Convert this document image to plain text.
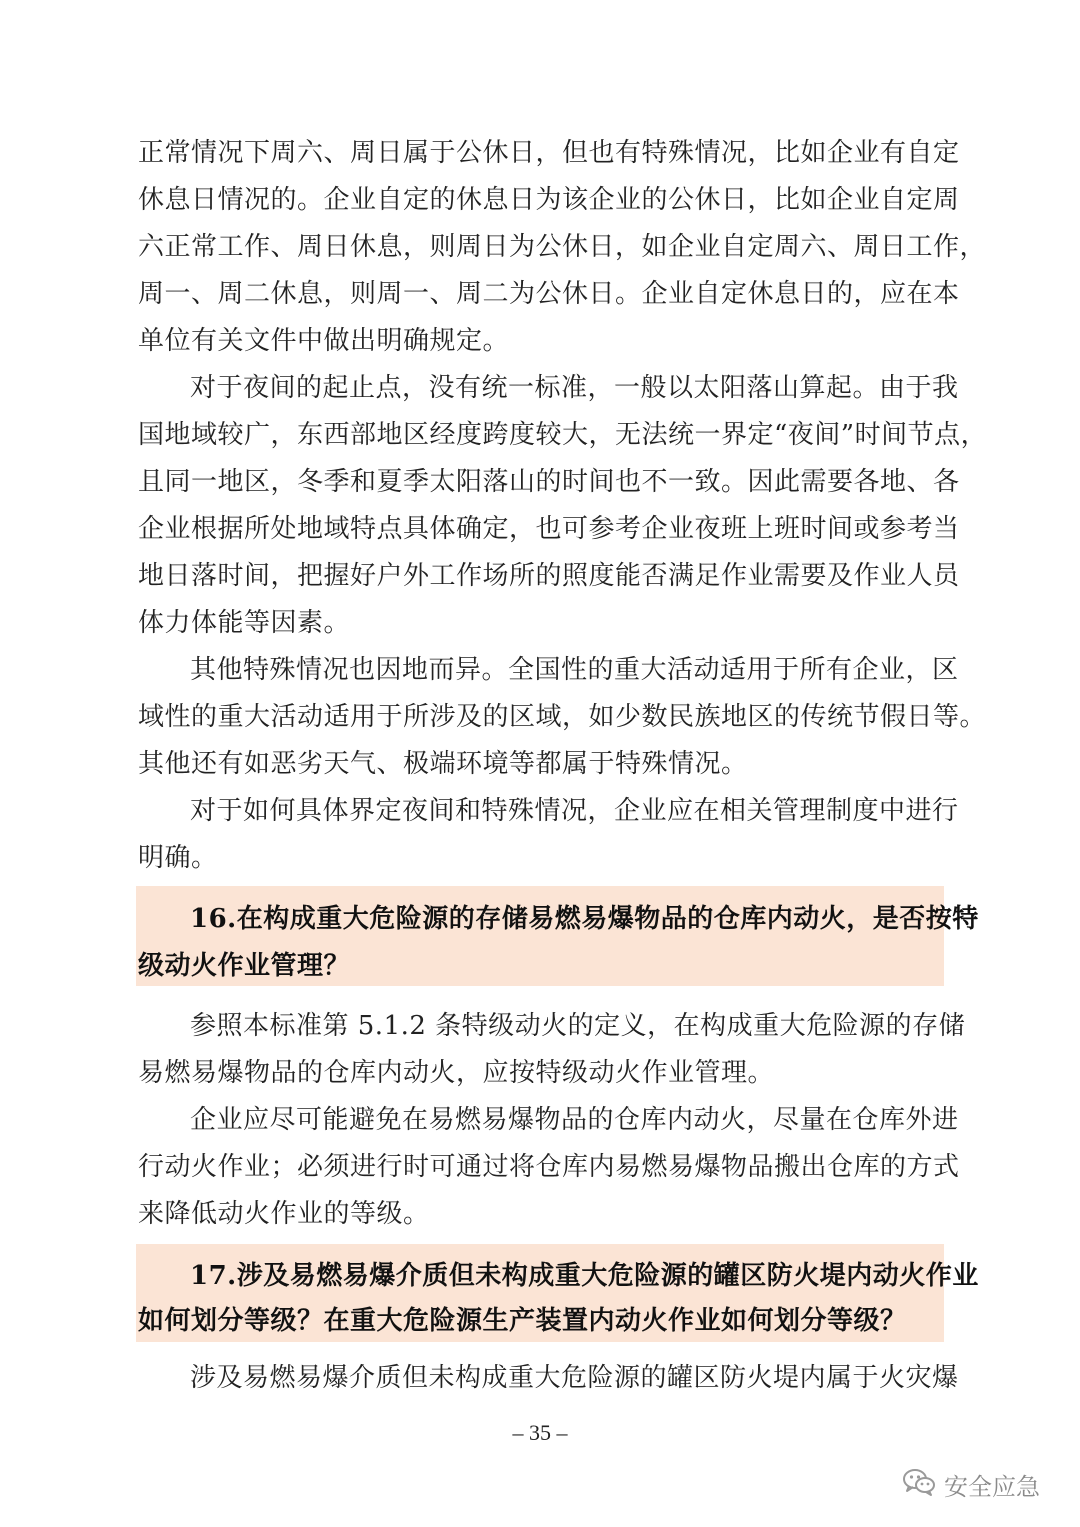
正常情况下周六、周日属于公休日，但也有特殊情况，比如企业有自定
休息日情况的。企业自定的休息日为该企业的公休日，比如企业自定周
六正常工作、周日休息，则周日为公休日，如企业自定周六、周日工作，
周一、周二休息，则周一、周二为公休日。企业自定休息日的，应在本
单位有关文件中做出明确规定。
对于夜间的起止点，没有统一标准，一般以太阳落山算起。由于我
国地域较广，东西部地区经度跨度较大，无法统一界定“夜间”时间节点，
且同一地区，冬季和夏季太阳落山的时间也不一致。因此需要各地、各
企业根据所处地域特点具体确定，也可参考企业夜班上班时间或参考当
地日落时间，把握好户外工作场所的照度能否满足作业需要及作业人员
体力体能等因素。
其他特殊情况也因地而异。全国性的重大活动适用于所有企业，区
域性的重大活动适用于所涉及的区域，如少数民族地区的传统节假日等。
其他还有如恶劣天气、极端环境等都属于特殊情况。
对于如何具体界定夜间和特殊情况，企业应在相关管理制度中进行
明确。
16.在构成重大危险源的存储易燃易爆物品的仓库内动火，是否按特
级动火作业管理？
参照本标准第 5.1.2 条特级动火的定义，在构成重大危险源的存储
易燃易爆物品的仓库内动火，应按特级动火作业管理。
企业应尽可能避免在易燃易爆物品的仓库内动火，尽量在仓库外进
行动火作业；必须进行时可通过将仓库内易燃易爆物品搬出仓库的方式
来降低动火作业的等级。
17.涉及易燃易爆介质但未构成重大危险源的罐区防火堤内动火作业
如何划分等级？在重大危险源生产装置内动火作业如何划分等级？
涉及易燃易爆介质但未构成重大危险源的罐区防火堤内属于火灾爆
– 35 –
安全应急
